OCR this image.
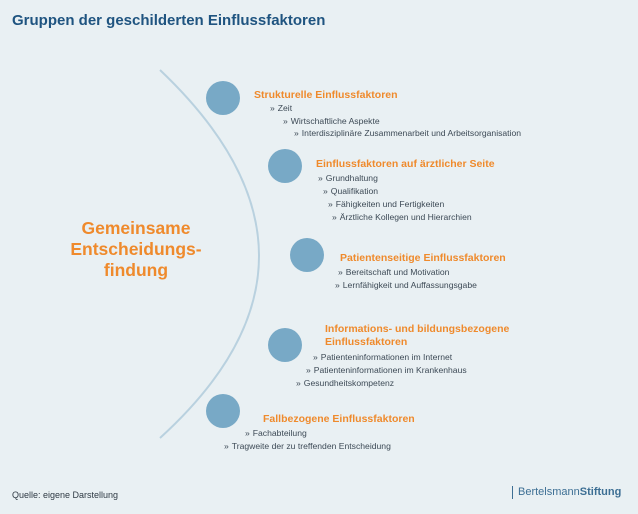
Gruppen der geschilderten Einflussfaktoren
Gemeinsame
Entscheidungs-
findung
Strukturelle Einflussfaktoren
» Zeit
» Wirtschaftliche Aspekte
» Interdisziplinäre Zusammenarbeit und Arbeitsorganisation
Einflussfaktoren auf ärztlicher Seite
» Grundhaltung
» Qualifikation
» Fähigkeiten und Fertigkeiten
» Ärztliche Kollegen und Hierarchien
Patientenseitige Einflussfaktoren
» Bereitschaft und Motivation
» Lernfähigkeit und Auffassungsgabe
Informations- und bildungsbezogene
Einflussfaktoren
» Patienteninformationen im Internet
» Patienteninformationen im Krankenhaus
» Gesundheitskompetenz
Fallbezogene Einflussfaktoren
» Fachabteilung
» Tragweite der zu treffenden Entscheidung
Quelle: eigene Darstellung	BertelsmannStiftung
